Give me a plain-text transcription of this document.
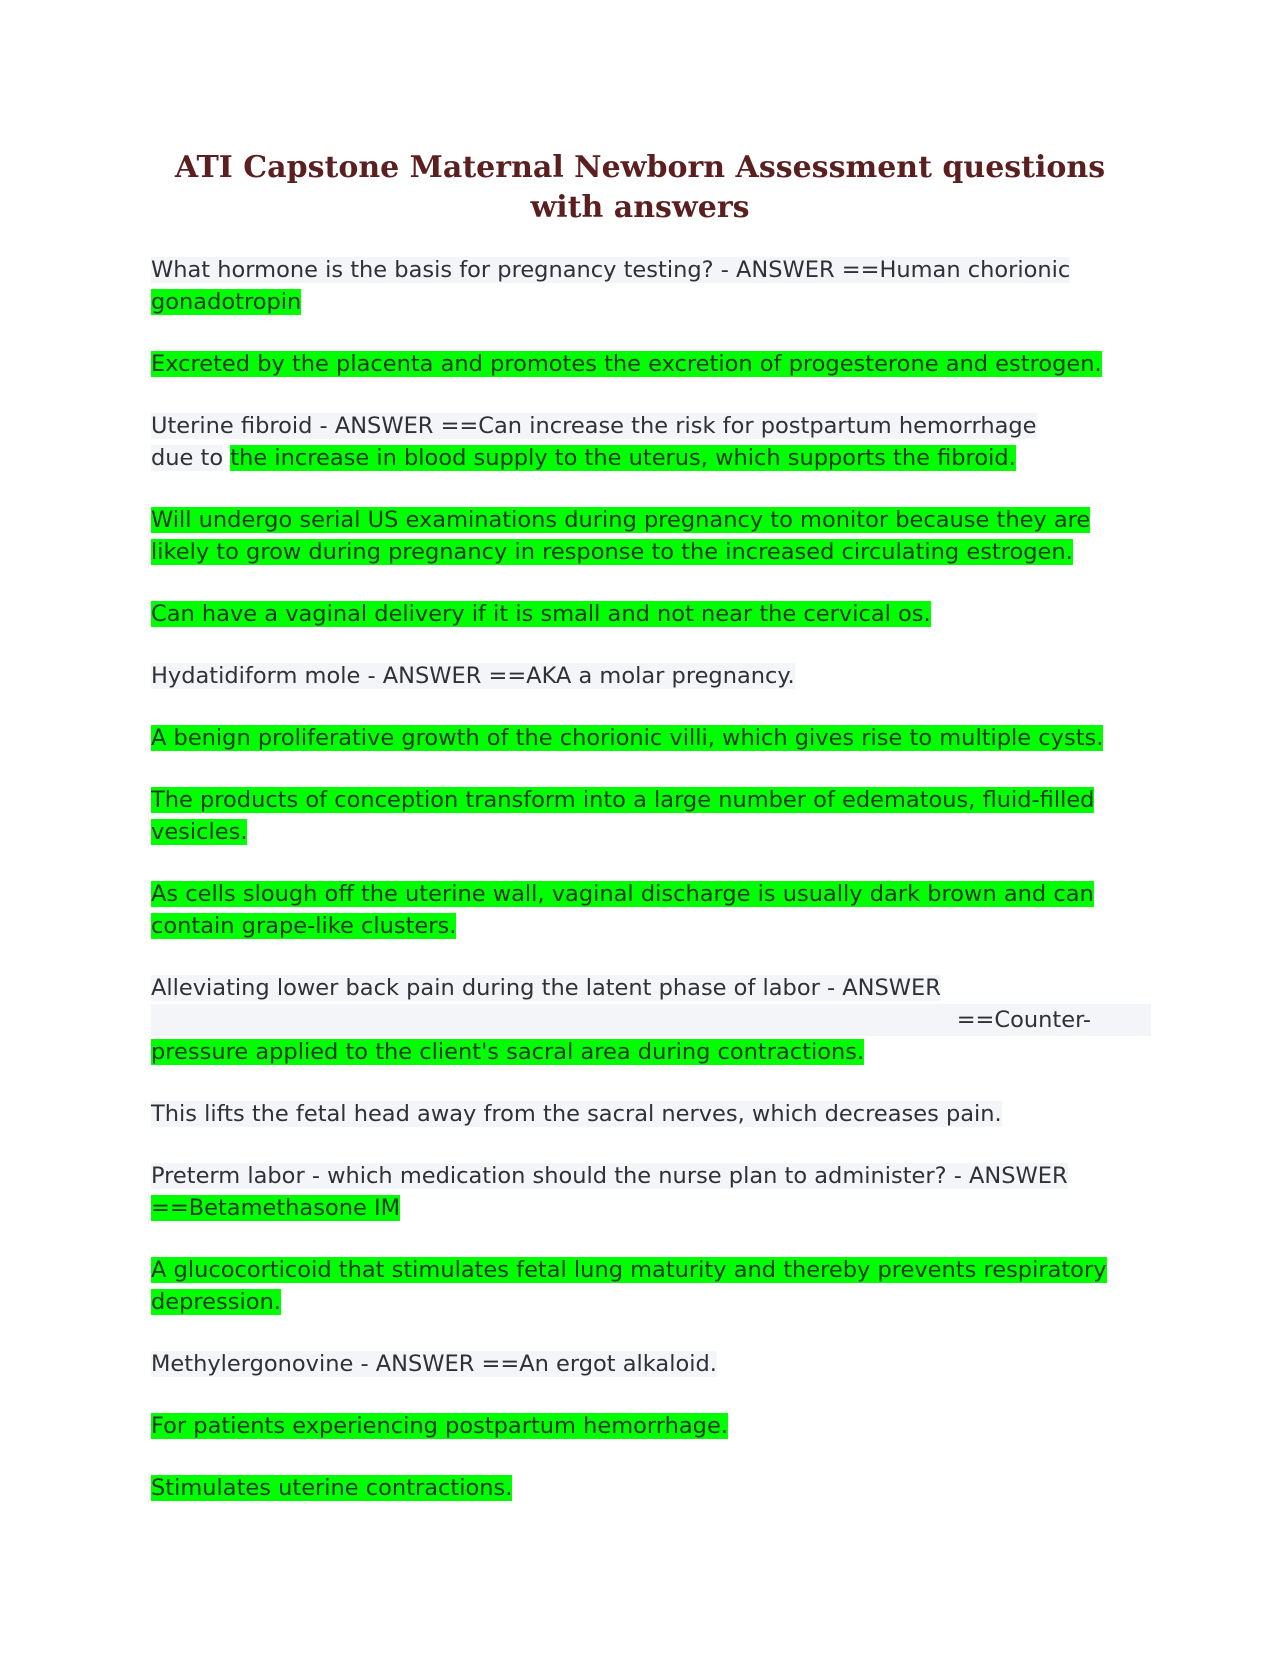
ATI Capstone Maternal Newborn Assessment questions with answers

What hormone is the basis for pregnancy testing? - ANSWER ==Human chorionic
gonadotropin

Excreted by the placenta and promotes the excretion of progesterone and estrogen.

Uterine fibroid - ANSWER ==Can increase the risk for postpartum hemorrhage
due to the increase in blood supply to the uterus, which supports the fibroid.

Will undergo serial US examinations during pregnancy to monitor because they are likely to grow during pregnancy in response to the increased circulating estrogen.

Can have a vaginal delivery if it is small and not near the cervical os.

Hydatidiform mole - ANSWER ==AKA a molar pregnancy.

A benign proliferative growth of the chorionic villi, which gives rise to multiple cysts.

The products of conception transform into a large number of edematous, fluid-filled vesicles.

As cells slough off the uterine wall, vaginal discharge is usually dark brown and can contain grape-like clusters.

Alleviating lower back pain during the latent phase of labor - ANSWER
==Counter-
pressure applied to the client's sacral area during contractions.

This lifts the fetal head away from the sacral nerves, which decreases pain.

Preterm labor - which medication should the nurse plan to administer? - ANSWER
==Betamethasone IM

A glucocorticoid that stimulates fetal lung maturity and thereby prevents respiratory depression.

Methylergonovine - ANSWER ==An ergot alkaloid.

For patients experiencing postpartum hemorrhage.

Stimulates uterine contractions.
